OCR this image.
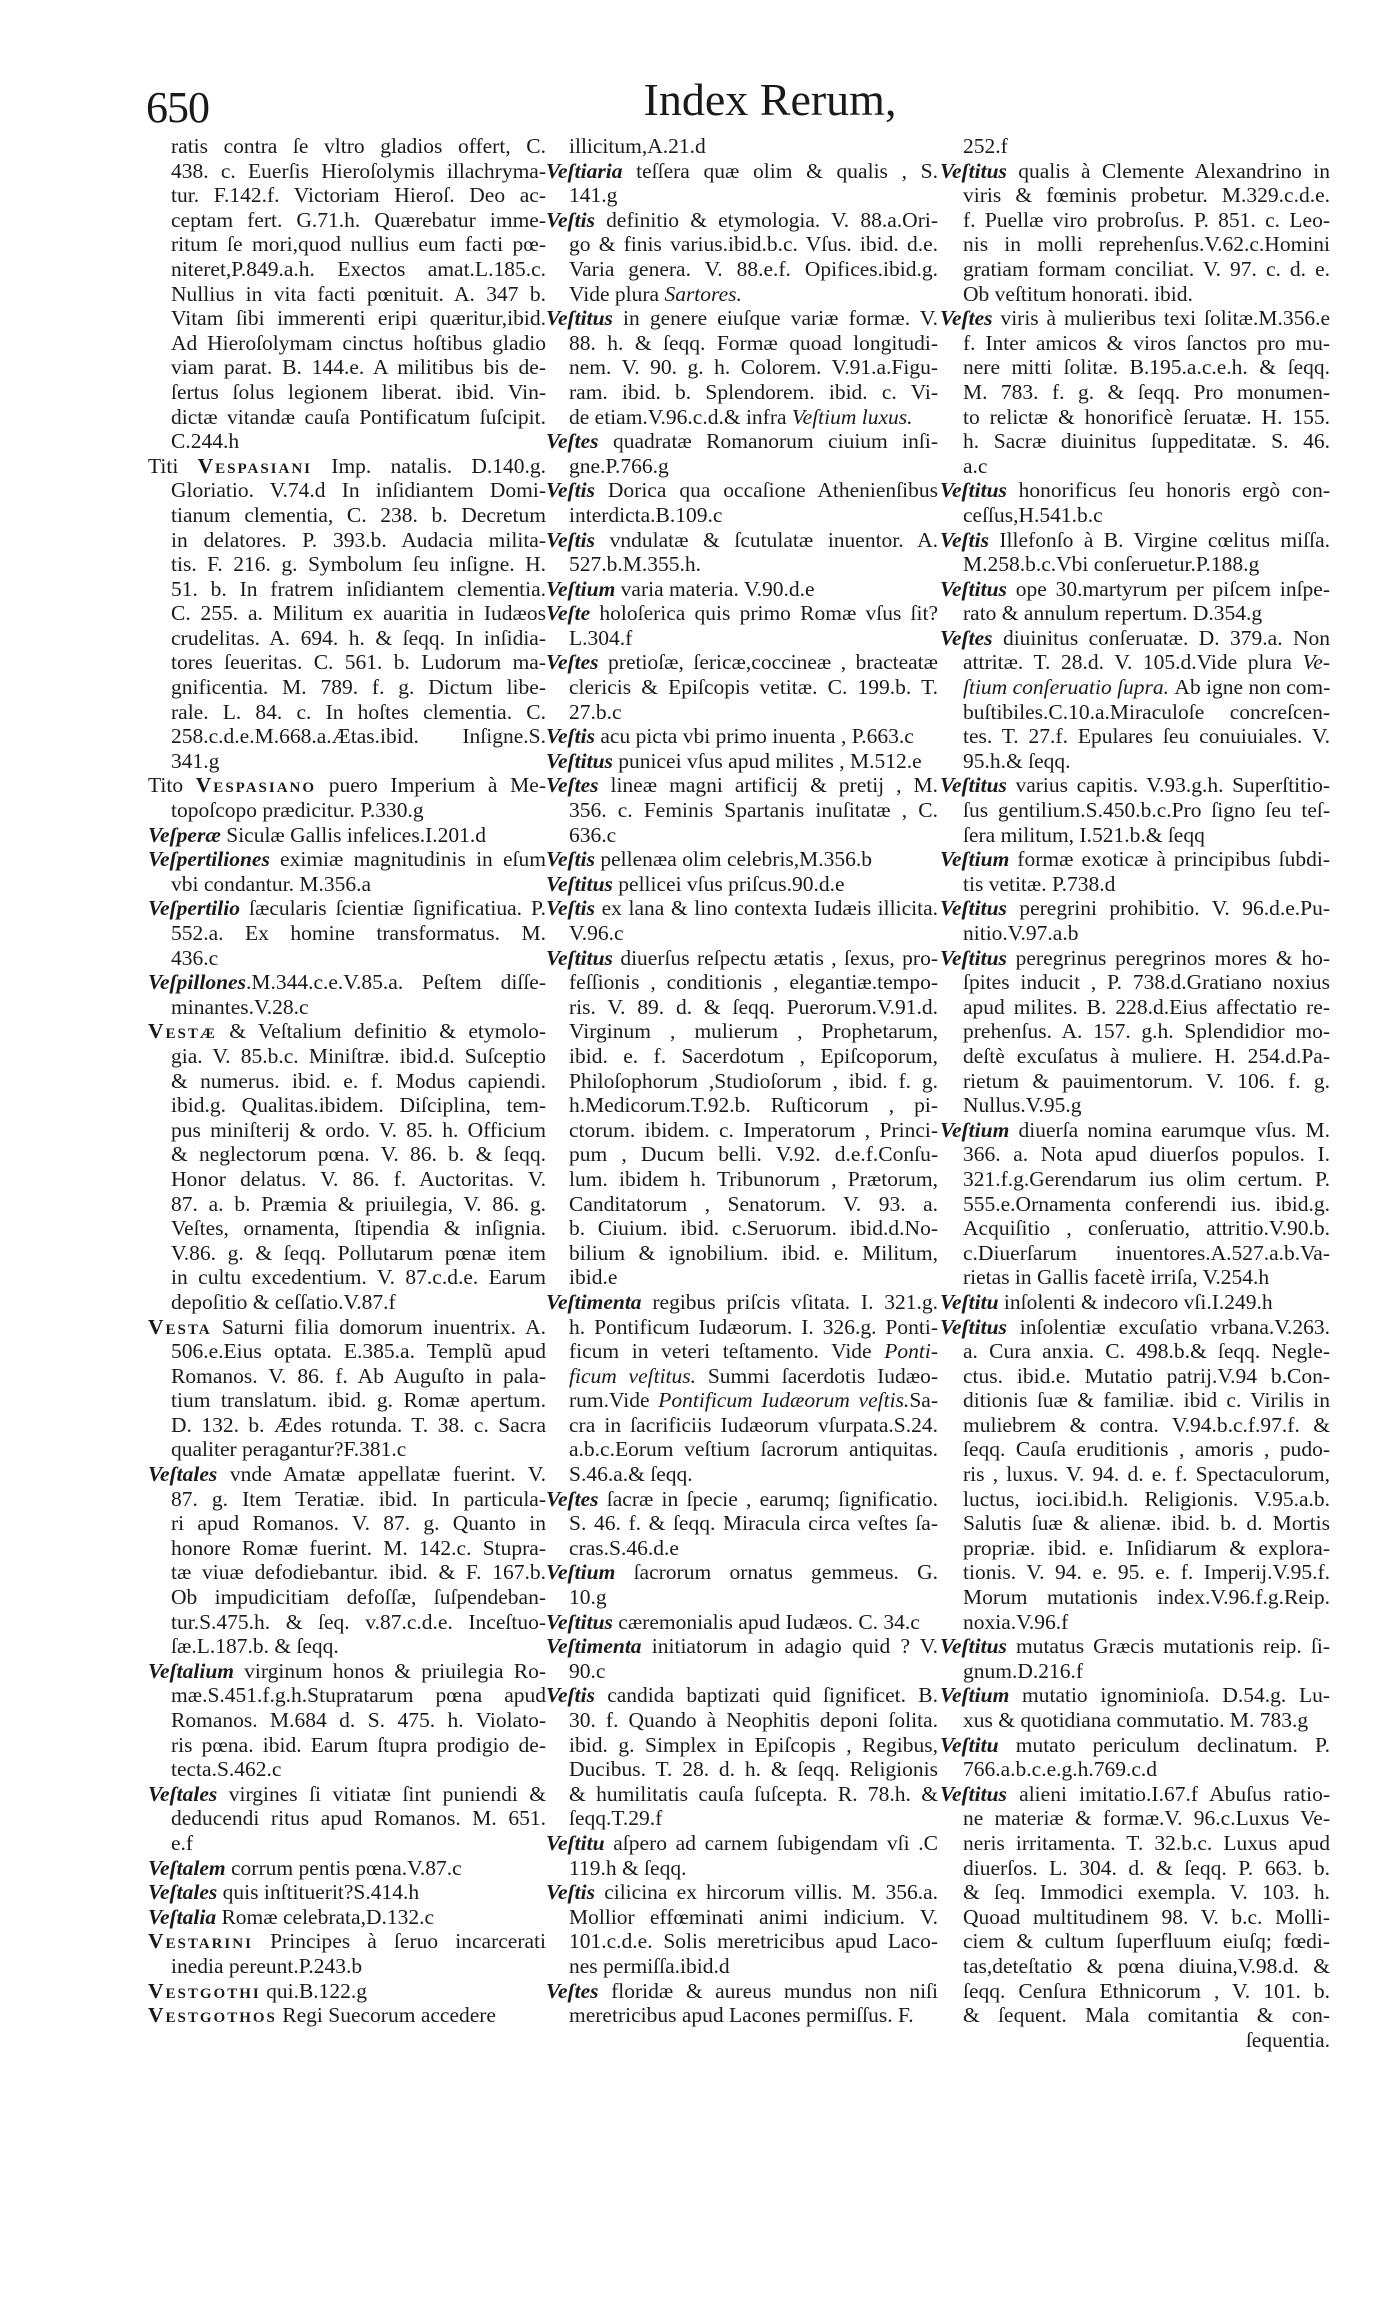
650	Index Rerum,
ratis contra ſe vltro gladios offert, C.
438. c. Euerſis Hieroſolymis illachryma-
tur. F.142.f. Victoriam Hieroſ. Deo ac-
ceptam fert. G.71.h. Quærebatur imme-
ritum ſe mori,quod nullius eum facti pœ-
niteret,P.849.a.h. Exectos amat.L.185.c.
Nullius in vita facti pœnituit. A. 347 b.
Vitam ſibi immerenti eripi quæritur,ibid.
Ad Hieroſolymam cinctus hoſtibus gladio
viam parat. B. 144.e. A militibus bis de-
ſertus ſolus legionem liberat. ibid. Vin-
dictæ vitandæ cauſa Pontificatum ſuſcipit.
C.244.h
Titi Vespasiani Imp. natalis. D.140.g.
Gloriatio. V.74.d In inſidiantem Domi-
tianum clementia, C. 238. b. Decretum
in delatores. P. 393.b. Audacia milita-
tis. F. 216. g. Symbolum ſeu inſigne. H.
51. b. In fratrem inſidiantem clementia.
C. 255. a. Militum ex auaritia in Iudæos
crudelitas. A. 694. h. & ſeqq. In inſidia-
tores ſeueritas. C. 561. b. Ludorum ma-
gnificentia. M. 789. f. g. Dictum libe-
rale. L. 84. c. In hoſtes clementia. C.
258.c.d.e.M.668.a.Ætas.ibid. Inſigne.S.
341.g
Tito Vespasiano puero Imperium à Me-
topoſcopo prædicitur. P.330.g
Veſperæ Siculæ Gallis infelices.I.201.d
Veſpertiliones eximiæ magnitudinis in eſum
vbi condantur. M.356.a
Veſpertilio ſæcularis ſcientiæ ſignificatiua. P.
552.a. Ex homine transformatus. M.
436.c
Veſpillones.M.344.c.e.V.85.a. Peſtem diſſe-
minantes.V.28.c
Vestæ & Veſtalium definitio & etymolo-
gia. V. 85.b.c. Miniſtræ. ibid.d. Suſceptio
& numerus. ibid. e. f. Modus capiendi.
ibid.g. Qualitas.ibidem. Diſciplina, tem-
pus miniſterij & ordo. V. 85. h. Officium
& neglectorum pœna. V. 86. b. & ſeqq.
Honor delatus. V. 86. f. Auctoritas. V.
87. a. b. Præmia & priuilegia, V. 86. g.
Veſtes, ornamenta, ſtipendia & inſignia.
V.86. g. & ſeqq. Pollutarum pœnæ item
in cultu excedentium. V. 87.c.d.e. Earum
depoſitio & ceſſatio.V.87.f
Vesta Saturni filia domorum inuentrix. A.
506.e.Eius optata. E.385.a. Templũ apud
Romanos. V. 86. f. Ab Auguſto in pala-
tium translatum. ibid. g. Romæ apertum.
D. 132. b. Ædes rotunda. T. 38. c. Sacra
qualiter peragantur?F.381.c
Veſtales vnde Amatæ appellatæ fuerint. V.
87. g. Item Teratiæ. ibid. In particula-
ri apud Romanos. V. 87. g. Quanto in
honore Romæ fuerint. M. 142.c. Stupra-
tæ viuæ defodiebantur. ibid. & F. 167.b.
Ob impudicitiam defoſſæ, ſuſpendeban-
tur.S.475.h. & ſeq. v.87.c.d.e. Inceſtuo-
ſæ.L.187.b. & ſeqq.
Veſtalium virginum honos & priuilegia Ro-
mæ.S.451.f.g.h.Stupratarum pœna apud
Romanos. M.684 d. S. 475. h. Violato-
ris pœna. ibid. Earum ſtupra prodigio de-
tecta.S.462.c
Veſtales virgines ſi vitiatæ ſint puniendi &
deducendi ritus apud Romanos. M. 651.
e.f
Veſtalem corrum pentis pœna.V.87.c
Veſtales quis inſtituerit?S.414.h
Veſtalia Romæ celebrata,D.132.c
Vestarini Principes à ſeruo incarcerati
inedia pereunt.P.243.b
Vestgothi qui.B.122.g
Vestgothos Regi Suecorum accedere
illicitum,A.21.d
Veſtiaria teſſera quæ olim & qualis , S.
141.g
Veſtis definitio & etymologia. V. 88.a.Ori-
go & finis varius.ibid.b.c. Vſus. ibid. d.e.
Varia genera. V. 88.e.f. Opifices.ibid.g.
Vide plura Sartores.
Veſtitus in genere eiuſque variæ formæ. V.
88. h. & ſeqq. Formæ quoad longitudi-
nem. V. 90. g. h. Colorem. V.91.a.Figu-
ram. ibid. b. Splendorem. ibid. c. Vi-
de etiam.V.96.c.d.& infra Veſtium luxus.
Veſtes quadratæ Romanorum ciuium inſi-
gne.P.766.g
Veſtis Dorica qua occaſione Athenienſibus
interdicta.B.109.c
Veſtis vndulatæ & ſcutulatæ inuentor. A.
527.b.M.355.h.
Veſtium varia materia. V.90.d.e
Veſte holoſerica quis primo Romæ vſus ſit?
L.304.f
Veſtes pretioſæ, ſericæ,coccineæ , bracteatæ
clericis & Epiſcopis vetitæ. C. 199.b. T.
27.b.c
Veſtis acu picta vbi primo inuenta , P.663.c
Veſtitus punicei vſus apud milites , M.512.e
Veſtes lineæ magni artificij & pretij , M.
356. c. Feminis Spartanis inuſitatæ , C.
636.c
Veſtis pellenæa olim celebris,M.356.b
Veſtitus pellicei vſus priſcus.90.d.e
Veſtis ex lana & lino contexta Iudæis illicita.
V.96.c
Veſtitus diuerſus reſpectu ætatis , ſexus, pro-
feſſionis , conditionis , elegantiæ.tempo-
ris. V. 89. d. & ſeqq. Puerorum.V.91.d.
Virginum , mulierum , Prophetarum,
ibid. e. f. Sacerdotum , Epiſcoporum,
Philoſophorum ,Studioſorum , ibid. f. g.
h.Medicorum.T.92.b. Ruſticorum , pi-
ctorum. ibidem. c. Imperatorum , Princi-
pum , Ducum belli. V.92. d.e.f.Conſu-
lum. ibidem h. Tribunorum , Prætorum,
Canditatorum , Senatorum. V. 93. a.
b. Ciuium. ibid. c.Seruorum. ibid.d.No-
bilium & ignobilium. ibid. e. Militum,
ibid.e
Veſtimenta regibus priſcis vſitata. I. 321.g.
h. Pontificum Iudæorum. I. 326.g. Ponti-
ficum in veteri teſtamento. Vide Ponti-
ficum veſtitus. Summi ſacerdotis Iudæo-
rum.Vide Pontificum Iudæorum veſtis.Sa-
cra in ſacrificiis Iudæorum vſurpata.S.24.
a.b.c.Eorum veſtium ſacrorum antiquitas.
S.46.a.& ſeqq.
Veſtes ſacræ in ſpecie , earumq; ſignificatio.
S. 46. f. & ſeqq. Miracula circa veſtes ſa-
cras.S.46.d.e
Veſtium ſacrorum ornatus gemmeus. G.
10.g
Veſtitus cæremonialis apud Iudæos. C. 34.c
Veſtimenta initiatorum in adagio quid ? V.
90.c
Veſtis candida baptizati quid ſignificet. B.
30. f. Quando à Neophitis deponi ſolita.
ibid. g. Simplex in Epiſcopis , Regibus,
Ducibus. T. 28. d. h. & ſeqq. Religionis
& humilitatis cauſa ſuſcepta. R. 78.h. &
ſeqq.T.29.f
Veſtitu aſpero ad carnem ſubigendam vſi .C
119.h & ſeqq.
Veſtis cilicina ex hircorum villis. M. 356.a.
Mollior effœminati animi indicium. V.
101.c.d.e. Solis meretricibus apud Laco-
nes permiſſa.ibid.d
Veſtes floridæ & aureus mundus non niſi
meretricibus apud Lacones permiſſus. F.
252.f
Veſtitus qualis à Clemente Alexandrino in
viris & fœminis probetur. M.329.c.d.e.
f. Puellæ viro probroſus. P. 851. c. Leo-
nis in molli reprehenſus.V.62.c.Homini
gratiam formam conciliat. V. 97. c. d. e.
Ob veſtitum honorati. ibid.
Veſtes viris à mulieribus texi ſolitæ.M.356.e
f. Inter amicos & viros ſanctos pro mu-
nere mitti ſolitæ. B.195.a.c.e.h. & ſeqq.
M. 783. f. g. & ſeqq. Pro monumen-
to relictæ & honorificè ſeruatæ. H. 155.
h. Sacræ diuinitus ſuppeditatæ. S. 46.
a.c
Veſtitus honorificus ſeu honoris ergò con-
ceſſus,H.541.b.c
Veſtis Illefonſo à B. Virgine cœlitus miſſa.
M.258.b.c.Vbi conſeruetur.P.188.g
Veſtitus ope 30.martyrum per piſcem inſpe-
rato & annulum repertum. D.354.g
Veſtes diuinitus conſeruatæ. D. 379.a. Non
attritæ. T. 28.d. V. 105.d.Vide plura Ve-
ſtium conſeruatio ſupra. Ab igne non com-
buſtibiles.C.10.a.Miraculoſe concreſcen-
tes. T. 27.f. Epulares ſeu conuiuiales. V.
95.h.& ſeqq.
Veſtitus varius capitis. V.93.g.h. Superſtitio-
ſus gentilium.S.450.b.c.Pro ſigno ſeu teſ-
ſera militum, I.521.b.& ſeqq
Veſtium formæ exoticæ à principibus ſubdi-
tis vetitæ. P.738.d
Veſtitus peregrini prohibitio. V. 96.d.e.Pu-
nitio.V.97.a.b
Veſtitus peregrinus peregrinos mores & ho-
ſpites inducit , P. 738.d.Gratiano noxius
apud milites. B. 228.d.Eius affectatio re-
prehenſus. A. 157. g.h. Splendidior mo-
deſtè excuſatus à muliere. H. 254.d.Pa-
rietum & pauimentorum. V. 106. f. g.
Nullus.V.95.g
Veſtium diuerſa nomina earumque vſus. M.
366. a. Nota apud diuerſos populos. I.
321.f.g.Gerendarum ius olim certum. P.
555.e.Ornamenta conferendi ius. ibid.g.
Acquiſitio , conſeruatio, attritio.V.90.b.
c.Diuerſarum inuentores.A.527.a.b.Va-
rietas in Gallis facetè irriſa, V.254.h
Veſtitu inſolenti & indecoro vſi.I.249.h
Veſtitus inſolentiæ excuſatio vrbana.V.263.
a. Cura anxia. C. 498.b.& ſeqq. Negle-
ctus. ibid.e. Mutatio patrij.V.94 b.Con-
ditionis ſuæ & familiæ. ibid c. Virilis in
muliebrem & contra. V.94.b.c.f.97.f. &
ſeqq. Cauſa eruditionis , amoris , pudo-
ris , luxus. V. 94. d. e. f. Spectaculorum,
luctus, ioci.ibid.h. Religionis. V.95.a.b.
Salutis ſuæ & alienæ. ibid. b. d. Mortis
propriæ. ibid. e. Inſidiarum & explora-
tionis. V. 94. e. 95. e. f. Imperij.V.95.f.
Morum mutationis index.V.96.f.g.Reip.
noxia.V.96.f
Veſtitus mutatus Græcis mutationis reip. ſi-
gnum.D.216.f
Veſtium mutatio ignominioſa. D.54.g. Lu-
xus & quotidiana commutatio. M. 783.g
Veſtitu mutato periculum declinatum. P.
766.a.b.c.e.g.h.769.c.d
Veſtitus alieni imitatio.I.67.f Abuſus ratio-
ne materiæ & formæ.V. 96.c.Luxus Ve-
neris irritamenta. T. 32.b.c. Luxus apud
diuerſos. L. 304. d. & ſeqq. P. 663. b.
& ſeq. Immodici exempla. V. 103. h.
Quoad multitudinem 98. V. b.c. Molli-
ciem & cultum ſuperfluum eiuſq; fœdi-
tas,deteſtatio & pœna diuina,V.98.d. &
ſeqq. Cenſura Ethnicorum , V. 101. b.
& ſequent. Mala comitantia & con-
ſequentia.
